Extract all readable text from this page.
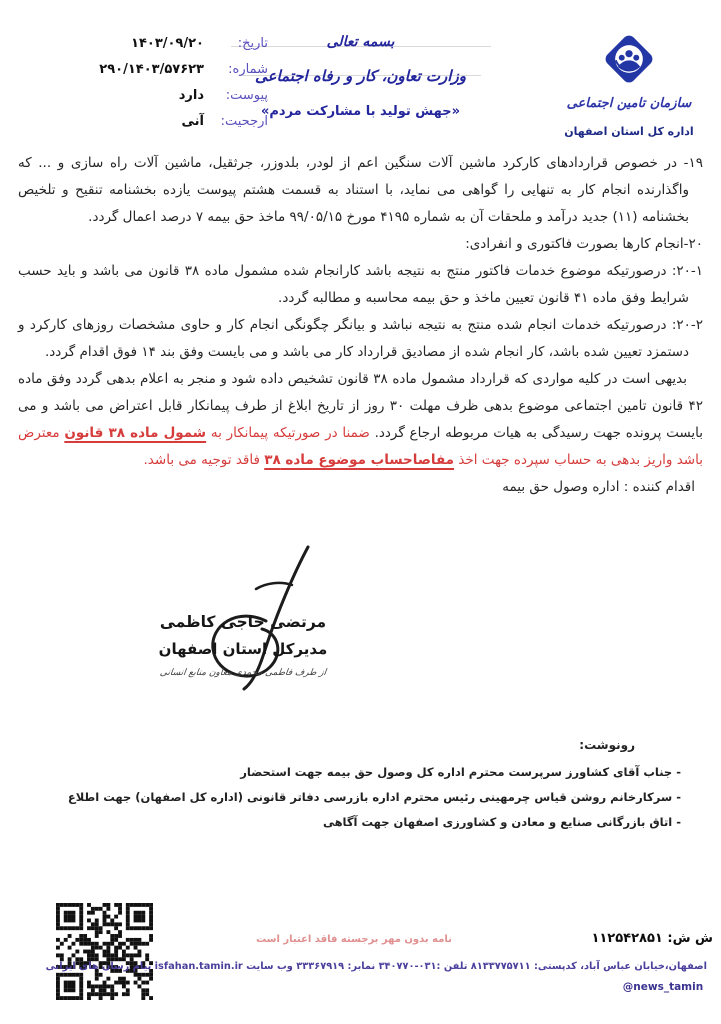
سازمان تامین اجتماعی
اداره کل استان اصفهان
بسمه تعالی
وزارت تعاون، کار و رفاه اجتماعی
«جهش تولید با مشارکت مردم»
تاریخ:
۱۴۰۳/۰۹/۲۰
شماره:
۲۹۰/۱۴۰۳/۵۷۶۲۳
پیوست:
دارد
ارجحیت:
آنی

۱۹- در خصوص قراردادهای کارکرد ماشین آلات سنگین اعم از لودر، بلدوزر، جرثقیل، ماشین آلات راه سازی و ... که واگذارنده انجام کار به تنهایی را گواهی می نماید، با استناد به قسمت هشتم پیوست یازده بخشنامه تنقیح و تلخیص بخشنامه (۱۱) جدید درآمد و ملحقات آن به شماره ۴۱۹۵ مورخ ۹۹/۰۵/۱۵ ماخذ حق بیمه ۷ درصد اعمال گردد.

۲۰-انجام کارها بصورت فاکتوری و انفرادی:

۲۰-۱: درصورتیکه موضوع خدمات فاکتور منتج به نتیجه باشد کارانجام شده مشمول ماده ۳۸ قانون می باشد و باید حسب شرایط وفق ماده ۴۱ قانون تعیین ماخذ و حق بیمه محاسبه و مطالبه گردد.

۲۰-۲: درصورتیکه خدمات انجام شده منتج به نتیجه نباشد و بیانگر چگونگی انجام کار و حاوی مشخصات روزهای کارکرد و دستمزد تعیین شده باشد، کار انجام شده از مصادیق قرارداد کار می باشد و می بایست وفق بند ۱۴ فوق اقدام گردد.

بدیهی است در کلیه مواردی که قرارداد مشمول ماده ۳۸ قانون تشخیص داده شود و منجر به اعلام بدهی گردد وفق ماده ۴۲ قانون تامین اجتماعی موضوع بدهی ظرف مهلت ۳۰ روز از تاریخ ابلاغ از طرف پیمانکار قابل اعتراض می باشد و می بایست پرونده جهت رسیدگی به هیات مربوطه ارجاع گردد. ضمنا در صورتیکه پیمانکار به شمول ماده ۳۸ قانون معترض باشد واریز بدهی به حساب سپرده جهت اخذ مفاصاحساب موضوع ماده ۳۸ فاقد توجیه می باشد.

اقدام کننده : اداره وصول حق بیمه

مرتضی حاجی کاظمی
مدیرکل استان اصفهان
از طرف فاطمی محمدی معاون منابع انسانی
رونوشت:
- جناب آقای کشاورز سرپرست محترم اداره کل وصول حق بیمه جهت استحضار
- سرکارخانم روشن قیاس چرمهینی رئیس محترم اداره بازرسی دفاتر قانونی (اداره کل اصفهان) جهت اطلاع
- اتاق بازرگانی صنایع و معادن و کشاورزی اصفهان جهت آگاهی
ش ش: ۱۱۲۵۴۲۸۵۱
نامه بدون مهر برجسته فاقد اعتبار است
اصفهان،خیابان عباس آباد، کدپستی: ۸۱۳۳۷۷۵۷۱۱ تلفن :۰۳۱-۳۴۰۷۷۰ نمابر: ۳۳۳۶۷۹۱۹ وب سایت isfahan.tamin.ir پیام رسان های ایرانی
@news_tamin
